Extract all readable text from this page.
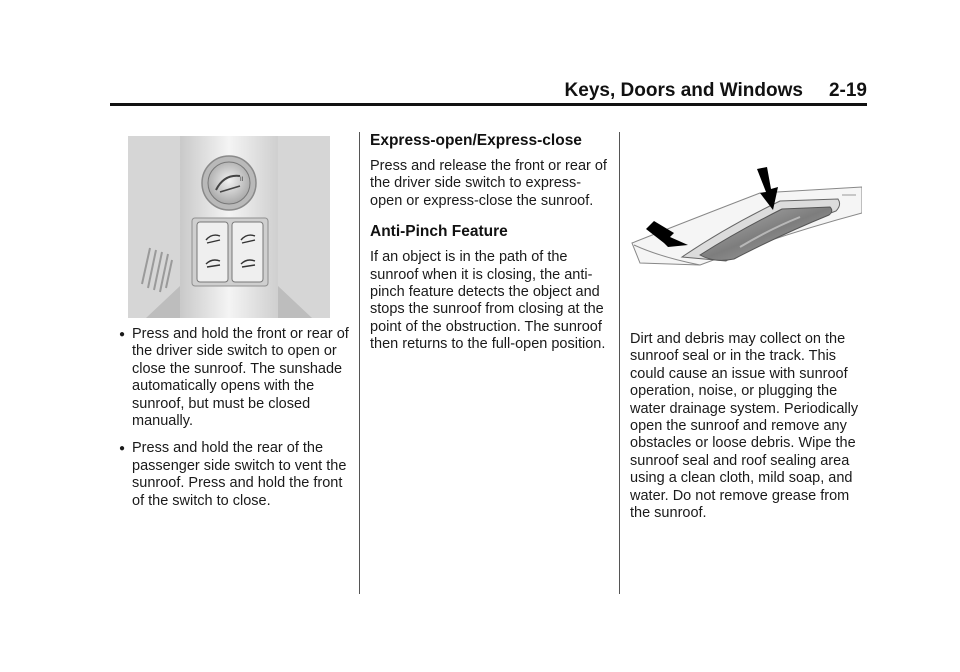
Keys, Doors and Windows 2-19
II
● Press and hold the front or rear of the driver side switch to open or close the sunroof. The sunshade automatically opens with the sunroof, but must be closed manually.
● Press and hold the rear of the passenger side switch to vent the sunroof. Press and hold the front of the switch to close.
Express-open/Express-close

Press and release the front or rear of the driver side switch to express-open or express-close the sunroof.

Anti-Pinch Feature

If an object is in the path of the sunroof when it is closing, the anti-pinch feature detects the object and stops the sunroof from closing at the point of the obstruction. The sunroof then returns to the full-open position.	Dirt and debris may collect on the sunroof seal or in the track. This could cause an issue with sunroof operation, noise, or plugging the water drainage system. Periodically open the sunroof and remove any obstacles or loose debris. Wipe the sunroof seal and roof sealing area using a clean cloth, mild soap, and water. Do not remove grease from the sunroof.
